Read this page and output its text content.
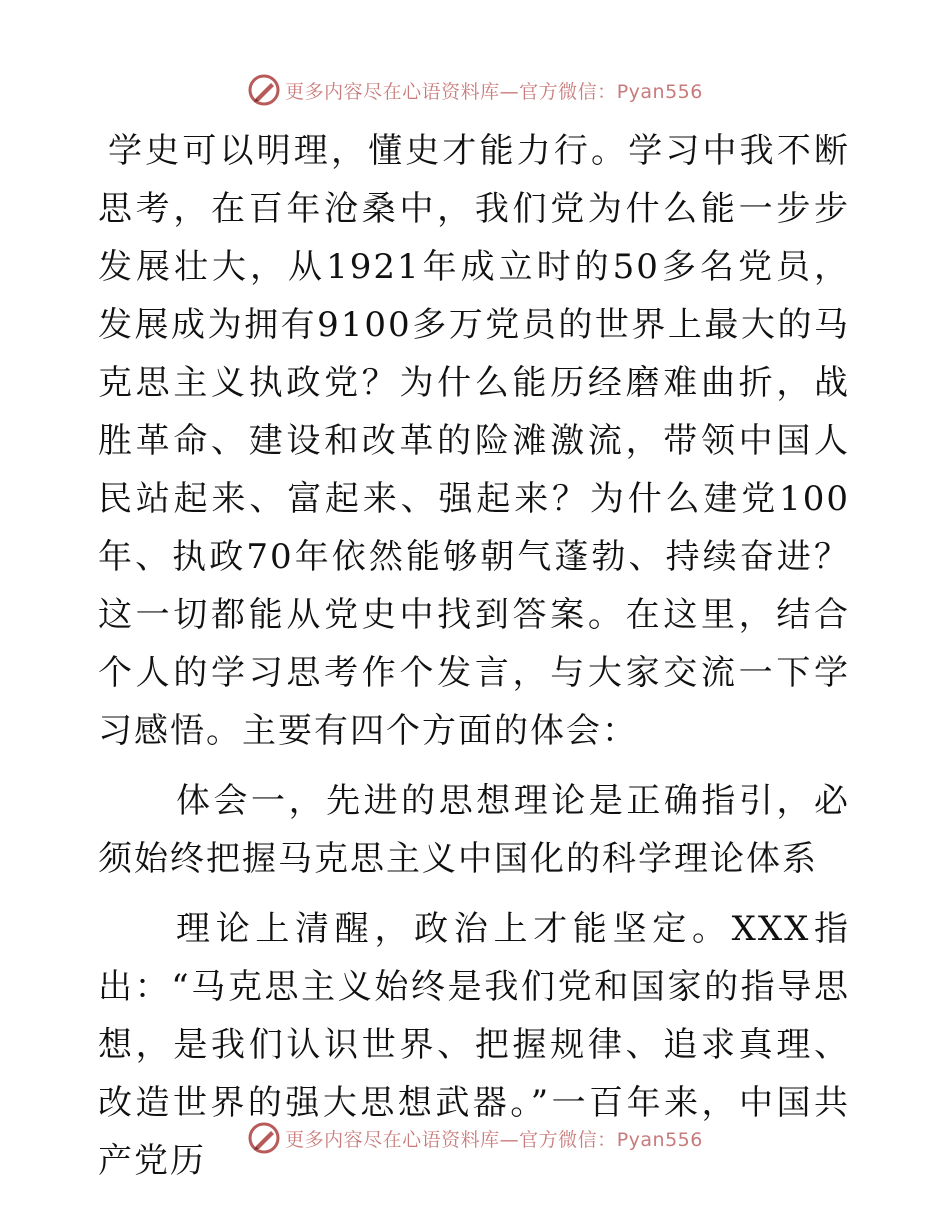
更多内容尽在心语资料库—官方微信：Pyan556

学史可以明理，懂史才能力行。学习中我不断思考，在百年沧桑中，我们党为什么能一步步发展壮大，从1921年成立时的50多名党员，发展成为拥有9100多万党员的世界上最大的马克思主义执政党？为什么能历经磨难曲折，战胜革命、建设和改革的险滩激流，带领中国人民站起来、富起来、强起来？为什么建党100年、执政70年依然能够朝气蓬勃、持续奋进？这一切都能从党史中找到答案。在这里，结合个人的学习思考作个发言，与大家交流一下学习感悟。主要有四个方面的体会：

体会一，先进的思想理论是正确指引，必须始终把握马克思主义中国化的科学理论体系

理论上清醒，政治上才能坚定。XXX指出：“马克思主义始终是我们党和国家的指导思想，是我们认识世界、把握规律、追求真理、改造世界的强大思想武器。”一百年来，中国共产党历

更多内容尽在心语资料库—官方微信：Pyan556
